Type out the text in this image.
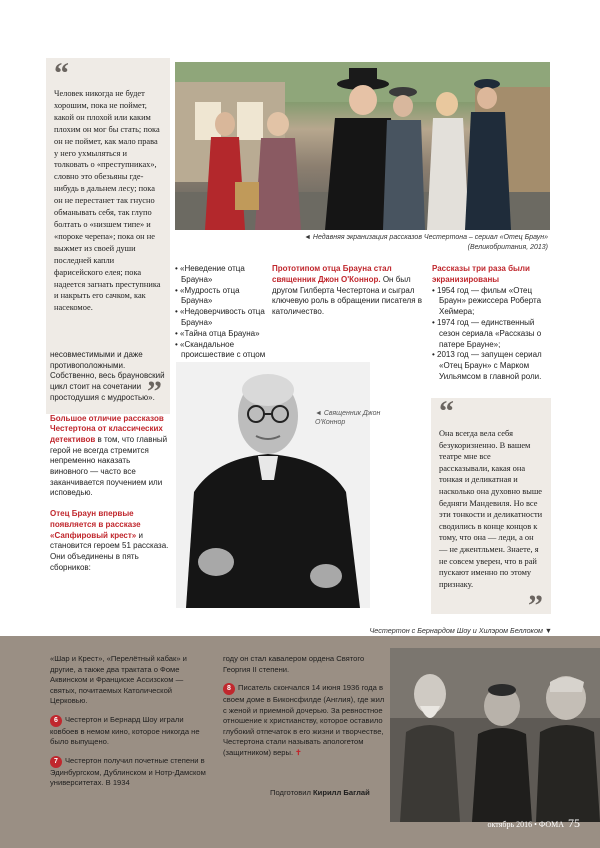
“
Человек никогда не будет хорошим, пока не поймет, какой он плохой или каким плохим он мог бы стать; пока он не поймет, как мало права у него ухмыляться и толковать о «преступниках», словно это обезьяны где-нибудь в дальнем лесу; пока он не перестанет так гнусно обманывать себя, так глупо болтать о «низшем типе» и «пороке черепа»; пока он не выжмет из своей души последней капли фарисейского елея; пока надеется загнать преступника и накрыть его сачком, как насекомое.
”
◄ Недавняя экранизация рассказов Честертона – сериал «Отец Браун» (Великобритания, 2013)
• «Неведение отца Брауна»
• «Мудрость отца Брауна»
• «Недоверчивость отца Брауна»
• «Тайна отца Брауна»
• «Скандальное происшествие с отцом
Прототипом отца Брауна стал священник Джон О'Коннор. Он был другом Гилберта Честертона и сыграл ключевую роль в обращении писателя в католичество.
Рассказы три раза были экранизированы
• 1954 год — фильм «Отец Браун» режиссера Роберта Хеймера;
• 1974 год — единственный сезон сериала «Рассказы о патере Брауне»;
• 2013 год — запущен сериал «Отец Браун» с Марком Уильямсом в главной роли.

несовместимыми и даже противоположными. Собственно, весь брауновский цикл стоит на сочетании простодушия с мудростью».

Большое отличие рассказов Честертона от классических детективов в том, что главный герой не всегда стремится непременно наказать виновного — часто все заканчивается поучением или исповедью.

Отец Браун впервые появляется в рассказе «Сапфировый крест» и становится героем 51 рассказа. Они объединены в пять сборников:

◄ Священник Джон О'Коннор	“
Она всегда вела себя безукоризненно. В вашем театре мне все рассказывали, какая она тонкая и деликатная и насколько она духовно выше бедняги Мандевиля. Но все эти тонкости и деликатности сводились в конце концов к тому, что она — леди, а он — не джентльмен. Знаете, я не совсем уверен, что в рай пускают именно по этому признаку.
”
Честертон с Бернардом Шоу и Хилэром Беллоком ▼

«Шар и Крест», «Перелётный кабак» и другие, а также два трактата о Фоме Аквинском и Франциске Ассизском — святых, почитаемых Католической Церковью.

6 Честертон и Бернард Шоу играли ковбоев в немом кино, которое никогда не было выпущено.

7 Честертон получил почетные степени в Эдинбургском, Дублинском и Нотр-Дамском университетах. В 1934

году он стал кавалером ордена Святого Георгия II степени.

8 Писатель скончался 14 июня 1936 года в своем доме в Биконсфилде (Англия), где жил с женой и приемной дочерью. За ревностное отношение к христианству, которое оставило глубокий отпечаток в его жизни и творчестве, Честертона стали называть апологетом (защитником) веры. ✝

Подготовил Кирилл Баглай
октябрь 2016 • ФОМА 75
